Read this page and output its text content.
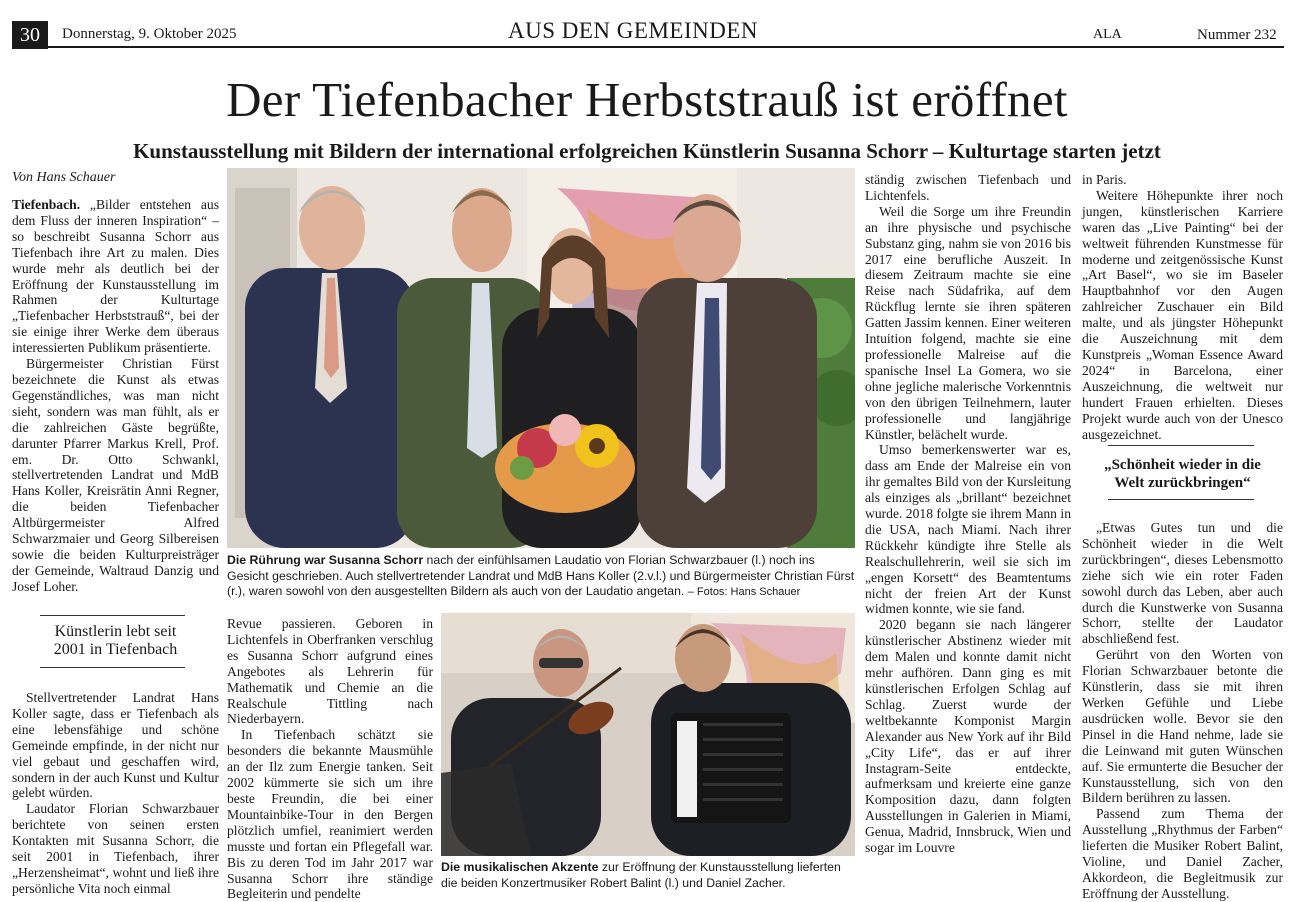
30	Donnerstag, 9. Oktober 2025	AUS DEN GEMEINDEN	ALA	Nummer 232
Der Tiefenbacher Herbststrauß ist eröffnet
Kunstausstellung mit Bildern der international erfolgreichen Künstlerin Susanna Schorr – Kulturtage starten jetzt
Von Hans Schauer

Tiefenbach. „Bilder entstehen aus dem Fluss der inneren Inspiration“ – so beschreibt Susanna Schorr aus Tiefenbach ihre Art zu malen. Dies wurde mehr als deutlich bei der Eröffnung der Kunstausstellung im Rahmen der Kulturtage „Tiefenbacher Herbststrauß“, bei der sie einige ihrer Werke dem überaus interessierten Publikum präsentierte.

Bürgermeister Christian Fürst bezeichnete die Kunst als etwas Gegenständliches, was man nicht sieht, sondern was man fühlt, als er die zahlreichen Gäste begrüßte, darunter Pfarrer Markus Krell, Prof. em. Dr. Otto Schwankl, stellvertretenden Landrat und MdB Hans Koller, Kreisrätin Anni Regner, die beiden Tiefenbacher Altbürgermeister Alfred Schwarzmaier und Georg Silbereisen sowie die beiden Kulturpreisträger der Gemeinde, Waltraud Danzig und Josef Loher.

Künstlerin lebt seit
2001 in Tiefenbach

Stellvertretender Landrat Hans Koller sagte, dass er Tiefenbach als eine lebensfähige und schöne Gemeinde empfinde, in der nicht nur viel gebaut und geschaffen wird, sondern in der auch Kunst und Kultur gelebt würden.

Laudator Florian Schwarzbauer berichtete von seinen ersten Kontakten mit Susanna Schorr, die seit 2001 in Tiefenbach, ihrer „Herzensheimat“, wohnt und ließ ihre persönliche Vita noch einmal

Die Rührung war Susanna Schorr nach der einfühlsamen Laudatio von Florian Schwarzbauer (l.) noch ins Gesicht geschrieben. Auch stellvertretender Landrat und MdB Hans Koller (2.v.l.) und Bürgermeister Christian Fürst (r.), waren sowohl von den ausgestellten Bildern als auch von der Laudatio angetan. – Fotos: Hans Schauer

Revue passieren. Geboren in Lichtenfels in Oberfranken verschlug es Susanna Schorr aufgrund eines Angebotes als Lehrerin für Mathematik und Chemie an die Realschule Tittling nach Niederbayern.

In Tiefenbach schätzt sie besonders die bekannte Mausmühle an der Ilz zum Energie tanken. Seit 2002 kümmerte sie sich um ihre beste Freundin, die bei einer Mountainbike-Tour in den Bergen plötzlich umfiel, reanimiert werden musste und fortan ein Pflegefall war. Bis zu deren Tod im Jahr 2017 war Susanna Schorr ihre ständige Begleiterin und pendelte

Die musikalischen Akzente zur Eröffnung der Kunstausstellung lieferten die beiden Konzertmusiker Robert Balint (l.) und Daniel Zacher.

ständig zwischen Tiefenbach und Lichtenfels.

Weil die Sorge um ihre Freundin an ihre physische und psychische Substanz ging, nahm sie von 2016 bis 2017 eine berufliche Auszeit. In diesem Zeitraum machte sie eine Reise nach Südafrika, auf dem Rückflug lernte sie ihren späteren Gatten Jassim kennen. Einer weiteren Intuition folgend, machte sie eine professionelle Malreise auf die spanische Insel La Gomera, wo sie ohne jegliche malerische Vorkenntnis von den übrigen Teilnehmern, lauter professionelle und langjährige Künstler, belächelt wurde.

Umso bemerkenswerter war es, dass am Ende der Malreise ein von ihr gemaltes Bild von der Kursleitung als einziges als „brillant“ bezeichnet wurde. 2018 folgte sie ihrem Mann in die USA, nach Miami. Nach ihrer Rückkehr kündigte ihre Stelle als Realschullehrerin, weil sie sich im „engen Korsett“ des Beamtentums nicht der freien Art der Kunst widmen konnte, wie sie fand.

2020 begann sie nach längerer künstlerischer Abstinenz wieder mit dem Malen und konnte damit nicht mehr aufhören. Dann ging es mit künstlerischen Erfolgen Schlag auf Schlag. Zuerst wurde der weltbekannte Komponist Margin Alexander aus New York auf ihr Bild „City Life“, das er auf ihrer Instagram-Seite entdeckte, aufmerksam und kreierte eine ganze Komposition dazu, dann folgten Ausstellungen in Galerien in Miami, Genua, Madrid, Innsbruck, Wien und sogar im Louvre

in Paris.

Weitere Höhepunkte ihrer noch jungen, künstlerischen Karriere waren das „Live Painting“ bei der weltweit führenden Kunstmesse für moderne und zeitgenössische Kunst „Art Basel“, wo sie im Baseler Hauptbahnhof vor den Augen zahlreicher Zuschauer ein Bild malte, und als jüngster Höhepunkt die Auszeichnung mit dem Kunstpreis „Woman Essence Award 2024“ in Barcelona, einer Auszeichnung, die weltweit nur hundert Frauen erhielten. Dieses Projekt wurde auch von der Unesco ausgezeichnet.

„Schönheit wieder in die
Welt zurückbringen“

„Etwas Gutes tun und die Schönheit wieder in die Welt zurückbringen“, dieses Lebensmotto ziehe sich wie ein roter Faden sowohl durch das Leben, aber auch durch die Kunstwerke von Susanna Schorr, stellte der Laudator abschließend fest.

Gerührt von den Worten von Florian Schwarzbauer betonte die Künstlerin, dass sie mit ihren Werken Gefühle und Liebe ausdrücken wolle. Bevor sie den Pinsel in die Hand nehme, lade sie die Leinwand mit guten Wünschen auf. Sie ermunterte die Besucher der Kunstausstellung, sich von den Bildern berühren zu lassen.

Passend zum Thema der Ausstellung „Rhythmus der Farben“ lieferten die Musiker Robert Balint, Violine, und Daniel Zacher, Akkordeon, die Begleitmusik zur Eröffnung der Ausstellung.
